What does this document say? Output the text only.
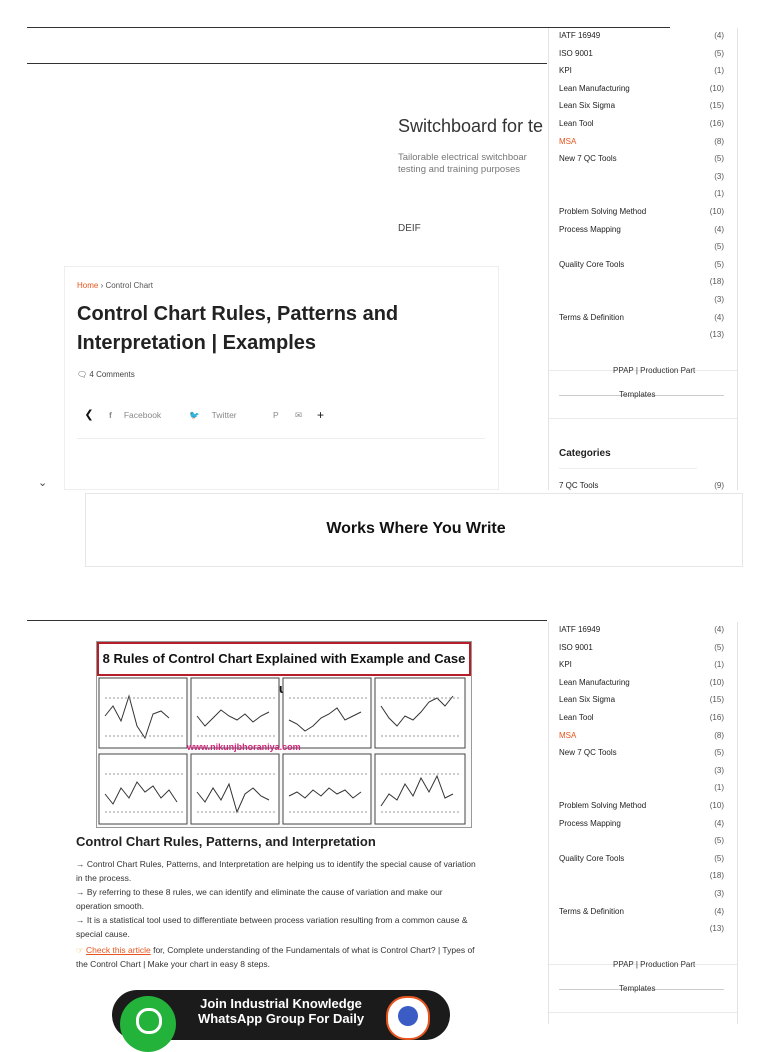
Switchboard for te
Tailorable electrical switchboar testing and training purposes
DEIF
Home › Control Chart
Control Chart Rules, Patterns and Interpretation | Examples
🗨 4 Comments
❮	f Facebook	🐦 Twitter	P	✉	+
⌄
PPAP | Production Part
Templates
Categories
7 QC Tools	(9)
IATF 16949	(4)
ISO 9001	(5)
KPI	(1)
Lean Manufacturing	(10)
Lean Six Sigma	(15)
Lean Tool	(16)
MSA	(8)
New 7 QC Tools	(5)
(3)
(1)
Problem Solving Method	(10)
Process Mapping	(4)
(5)
Quality Core Tools	(5)
(18)
(3)
Terms & Definition	(4)
(13)
Works Where You Write
8 Rules of Control Chart Explained with Example and Case
www.nikunjbhoraniya.com
Control Chart Rules, Patterns, and Interpretation
→ Control Chart Rules, Patterns, and Interpretation are helping us to identify the special cause of variation in the process.
→ By referring to these 8 rules, we can identify and eliminate the cause of variation and make our operation smooth.
→ It is a statistical tool used to differentiate between process variation resulting from a common cause & special cause.
☞ Check this article for, Complete understanding of the Fundamentals of what is Control Chart? | Types of the Control Chart | Make your chart in easy 8 steps.
Join Industrial Knowledge
WhatsApp Group For Daily
PPAP | Production Part
Templates
IATF 16949	(4)
ISO 9001	(5)
KPI	(1)
Lean Manufacturing	(10)
Lean Six Sigma	(15)
Lean Tool	(16)
MSA	(8)
New 7 QC Tools	(5)
(3)
(1)
Problem Solving Method	(10)
Process Mapping	(4)
(5)
Quality Core Tools	(5)
(18)
(3)
Terms & Definition	(4)
(13)
